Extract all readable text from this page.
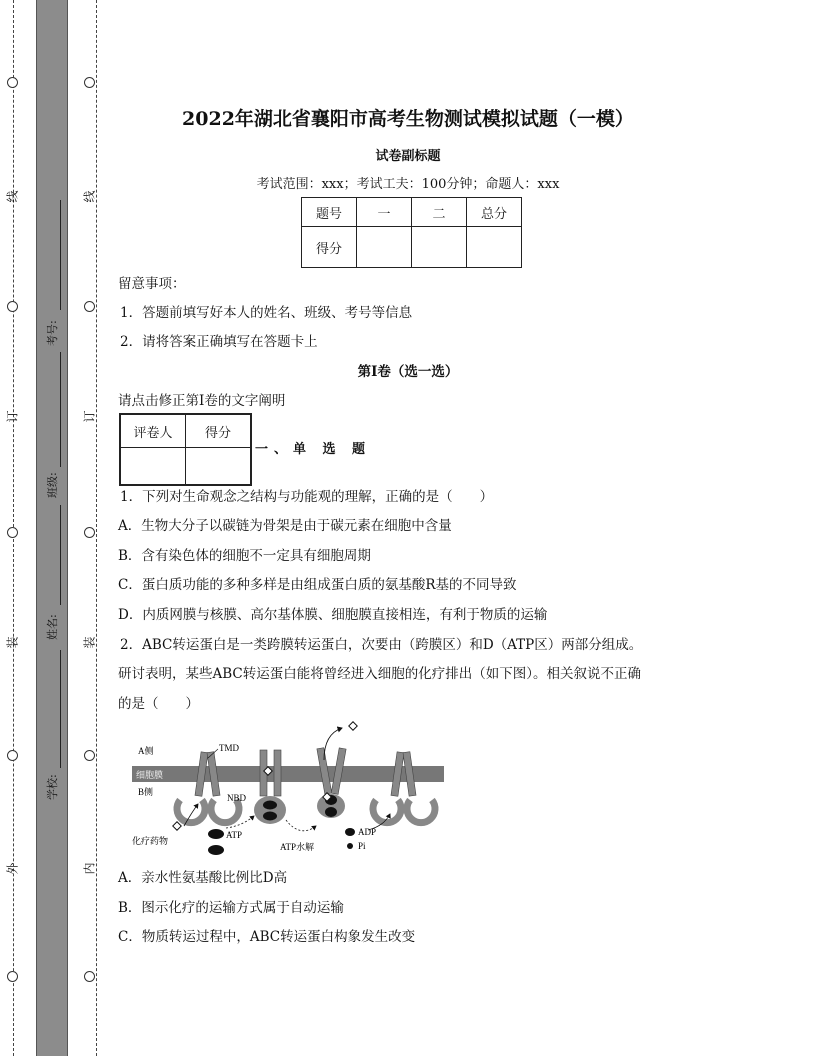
线
订
装
外
线
订
装
内
考号:
班级:
姓名:
学校:
2022年湖北省襄阳市高考生物测试模拟试题（一模）
试卷副标题
考试范围：xxx；考试工夫：100分钟；命题人：xxx
题号	一	二	总分
得分			
留意事项：
1．答题前填写好本人的姓名、班级、考号等信息
2．请将答案正确填写在答题卡上
第I卷（选一选）
请点击修正第I卷的文字阐明
评卷人	得分

一、单 选 题
1．下列对生命观念之结构与功能观的理解，正确的是（　　）
A．生物大分子以碳链为骨架是由于碳元素在细胞中含量
B．含有染色体的细胞不一定具有细胞周期
C．蛋白质功能的多种多样是由组成蛋白质的氨基酸R基的不同导致
D．内质网膜与核膜、高尔基体膜、细胞膜直接相连，有利于物质的运输
2．ABC转运蛋白是一类跨膜转运蛋白，次要由（跨膜区）和D（ATP区）两部分组成。
研讨表明，某些ABC转运蛋白能将曾经进入细胞的化疗排出（如下图）。相关叙说不正确
的是（　　）
A侧
细胞膜
B侧
TMD
化疗药物
ATP
NBD
ATP水解
ADP
Pi
A．亲水性氨基酸比例比D高
B．图示化疗的运输方式属于自动运输
C．物质转运过程中，ABC转运蛋白构象发生改变
